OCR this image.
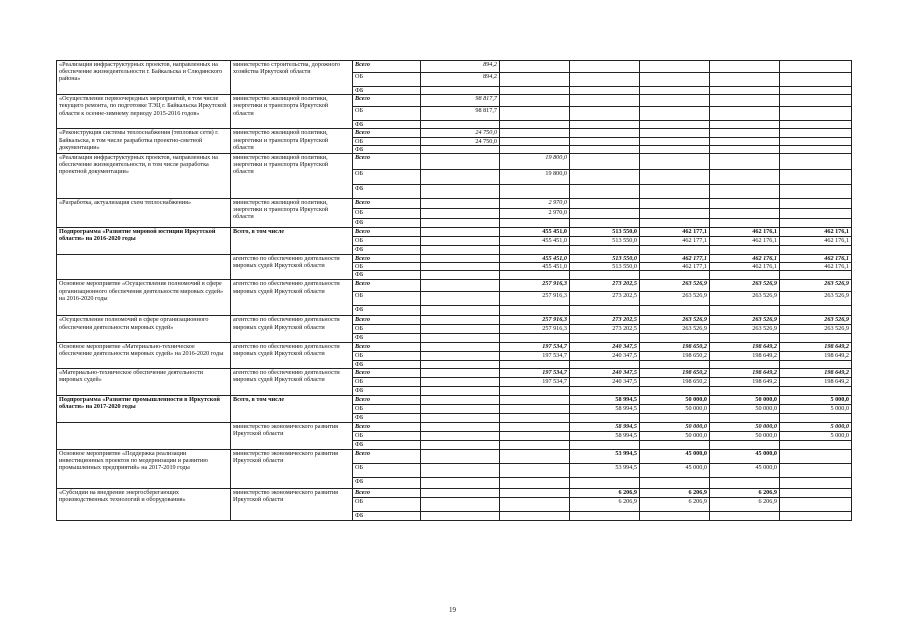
«Реализация инфраструктурных проектов, направленных на обеспечение жизнедеятельности г. Байкальска и Слюдянского района»	министерство строительства, дорожного хозяйства Иркутской области	Всего	894,2					
		ОБ	894,2					
		ФБ						
«Осуществление первоочередных мероприятий, в том числе текущего ремонта, по подготовке ТЭЦ г. Байкальска Иркутской области к осенне-зимнему периоду 2015-2016 годов»	министерство жилищной политики, энергетики и транспорта Иркутской области	Всего	98 817,7					
		ОБ	98 817,7					
		ФБ						
«Реконструкция системы теплоснабжения (тепловые сети) г. Байкальска, в том числе разработка проектно-сметной документации»	министерство жилищной политики, энергетики и транспорта Иркутской области	Всего	24 750,0					
		ОБ	24 750,0					
		ФБ						
«Реализация инфраструктурных проектов, направленных на обеспечение жизнедеятельности, в том числе разработка проектной документации»	министерство жилищной политики, энергетики и транспорта Иркутской области	Всего		19 800,0				
		ОБ		19 800,0				
		ФБ						
«Разработка, актуализация схем теплоснабжения»	министерство жилищной политики, энергетики и транспорта Иркутской области	Всего		2 970,0				
		ОБ		2 970,0				
		ФБ						
Подпрограмма «Развитие мировой юстиции Иркутской области» на 2016-2020 годы	Всего, в том числе	Всего		455 451,0	513 550,0	462 177,1	462 176,1	462 176,1
		ОБ		455 451,0	513 550,0	462 177,1	462 176,1	462 176,1
		ФБ						
	агентство по обеспечению деятельности мировых судей Иркутской области	Всего		455 451,0	513 550,0	462 177,1	462 176,1	462 176,1
		ОБ		455 451,0	513 550,0	462 177,1	462 176,1	462 176,1
		ФБ						
Основное мероприятие «Осуществление полномочий в сфере организационного обеспечения деятельности мировых судей» на 2016-2020 годы	агентство по обеспечению деятельности мировых судей Иркутской области	Всего		257 916,3	273 202,5	263 526,9	263 526,9	263 526,9
		ОБ		257 916,3	273 202,5	263 526,9	263 526,9	263 526,9
		ФБ						
«Осуществление полномочий в сфере организационного обеспечения деятельности мировых судей»	агентство по обеспечению деятельности мировых судей Иркутской области	Всего		257 916,3	273 202,5	263 526,9	263 526,9	263 526,9
		ОБ		257 916,3	273 202,5	263 526,9	263 526,9	263 526,9
		ФБ						
Основное мероприятие «Материально-техническое обеспечение деятельности мировых судей» на 2016-2020 годы	агентство по обеспечению деятельности мировых судей Иркутской области	Всего		197 534,7	240 347,5	198 650,2	198 649,2	198 649,2
		ОБ		197 534,7	240 347,5	198 650,2	198 649,2	198 649,2
		ФБ						
«Материально-техническое обеспечение деятельности мировых судей»	агентство по обеспечению деятельности мировых судей Иркутской области	Всего		197 534,7	240 347,5	198 650,2	198 649,2	198 649,2
		ОБ		197 534,7	240 347,5	198 650,2	198 649,2	198 649,2
		ФБ						
Подпрограмма «Развитие промышленности в Иркутской области» на 2017-2020 годы	Всего, в том числе	Всего			58 994,5	50 000,0	50 000,0	5 000,0
		ОБ			58 994,5	50 000,0	50 000,0	5 000,0
		ФБ						
	министерство экономического развития Иркутской области	Всего			58 994,5	50 000,0	50 000,0	5 000,0
		ОБ			58 994,5	50 000,0	50 000,0	5 000,0
		ФБ						
Основное мероприятие «Поддержка реализации инвестиционных проектов по модернизации и развитию промышленных предприятий» на 2017-2019 годы	министерство экономического развития Иркутской области	Всего			53 994,5	45 000,0	45 000,0	
		ОБ			53 994,5	45 000,0	45 000,0	
		ФБ						
«Субсидии на внедрение энергосберегающих производственных технологий и оборудования»	министерство экономического развития Иркутской области	Всего			6 206,9	6 206,9	6 206,9	
		ОБ			6 206,9	6 206,9	6 206,9	
		ФБ						
19
